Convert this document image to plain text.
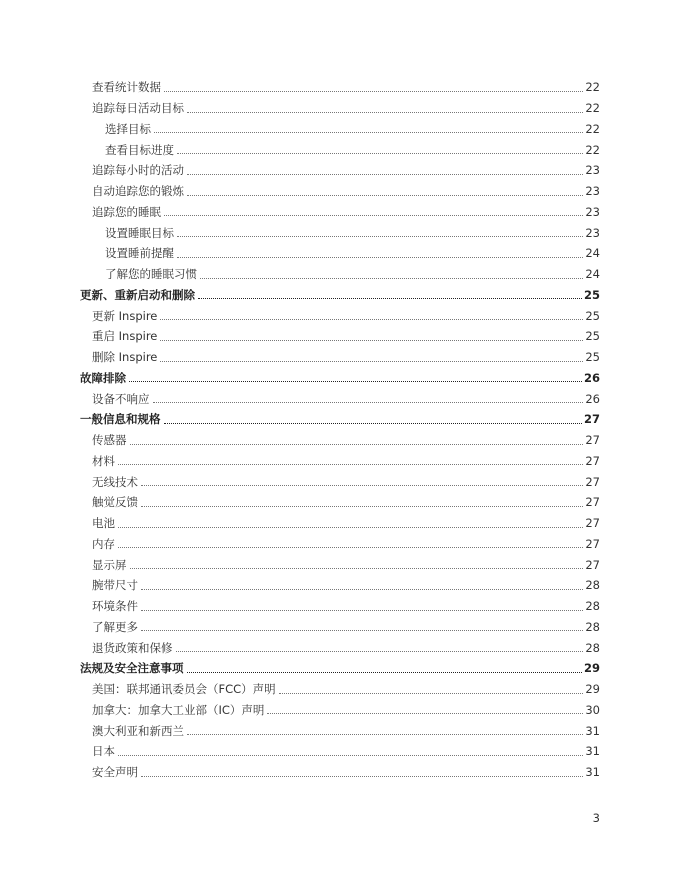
查看统计数据	22
追踪每日活动目标	22
选择目标	22
查看目标进度	22
追踪每小时的活动	23
自动追踪您的锻炼	23
追踪您的睡眠	23
设置睡眠目标	23
设置睡前提醒	24
了解您的睡眠习惯	24
更新、重新启动和删除	25
更新 Inspire	25
重启 Inspire	25
删除 Inspire	25
故障排除	26
设备不响应	26
一般信息和规格	27
传感器	27
材料	27
无线技术	27
触觉反馈	27
电池	27
内存	27
显示屏	27
腕带尺寸	28
环境条件	28
了解更多	28
退货政策和保修	28
法规及安全注意事项	29
美国：联邦通讯委员会（FCC）声明	29
加拿大：加拿大工业部（IC）声明	30
澳大利亚和新西兰	31
日本	31
安全声明	31
3
